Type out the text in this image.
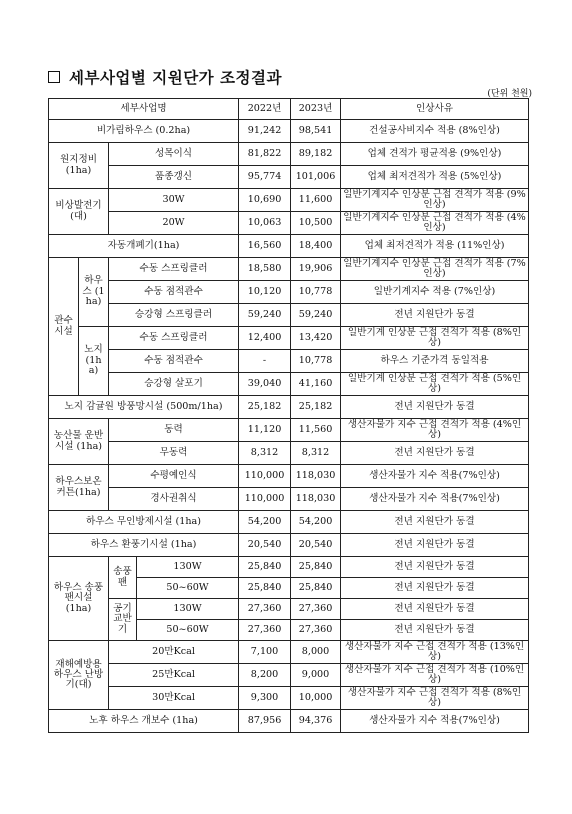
세부사업별 지원단가 조정결과
(단위 천원)
세부사업명				2022년	2023년	인상사유
비가림하우스 (0.2ha)				91,242	98,541	건설공사비지수 적용 (8%인상)
원지정비 (1ha)		성목이식		81,822	89,182	업체 견적가 평균적용 (9%인상)
		품종갱신		95,774	101,006	업체 최저견적가 적용 (5%인상)
비상발전기 (대)		30W		10,690	11,600	일반기계지수 인상분 근접 견적가 적용 (9%인상)
		20W		10,063	10,500	일반기계지수 인상분 근접 견적가 적용 (4%인상)
자동개폐기(1ha)				16,560	18,400	업체 최저견적가 적용 (11%인상)
관수시설	하우스 (1ha)	수동 스프링클러		18,580	19,906	일반기계지수 인상분 근접 견적가 적용 (7%인상)
		수동 점적관수		10,120	10,778	일반기계지수 적용 (7%인상)
		승강형 스프링클러		59,240	59,240	전년 지원단가 동결
	노지 (1ha)	수동 스프링클러		12,400	13,420	일반기계 인상분 근접 견적가 적용 (8%인상)
		수동 점적관수		-	10,778	하우스 기준가격 동일적용
		승강형 살포기		39,040	41,160	일반기계 인상분 근접 견적가 적용 (5%인상)
노지 감귤원 방풍망시설 (500m/1ha)				25,182	25,182	전년 지원단가 동결
농산물 운반 시설 (1ha)		동력		11,120	11,560	생산자물가 지수 근접 견적가 적용 (4%인상)
		무동력		8,312	8,312	전년 지원단가 동결
하우스보온 커튼(1ha)		수평예인식		110,000	118,030	생산자물가 지수 적용(7%인상)
		경사권취식		110,000	118,030	생산자물가 지수 적용(7%인상)
하우스 무인방제시설 (1ha)				54,200	54,200	전년 지원단가 동결
하우스 환풍기시설 (1ha)				20,540	20,540	전년 지원단가 동결
하우스 송풍팬시설 (1ha)		송풍팬	130W	25,840	25,840	전년 지원단가 동결
			50~60W	25,840	25,840	전년 지원단가 동결
		공기 교반기	130W	27,360	27,360	전년 지원단가 동결
			50~60W	27,360	27,360	전년 지원단가 동결
재해예방용 하우스 난방기(대)		20만Kcal		7,100	8,000	생산자물가 지수 근접 견적가 적용 (13%인상)
		25만Kcal		8,200	9,000	생산자물가 지수 근접 견적가 적용 (10%인상)
		30만Kcal		9,300	10,000	생산자물가 지수 근접 견적가 적용 (8%인상)
노후 하우스 개보수 (1ha)				87,956	94,376	생산자물가 지수 적용(7%인상)
